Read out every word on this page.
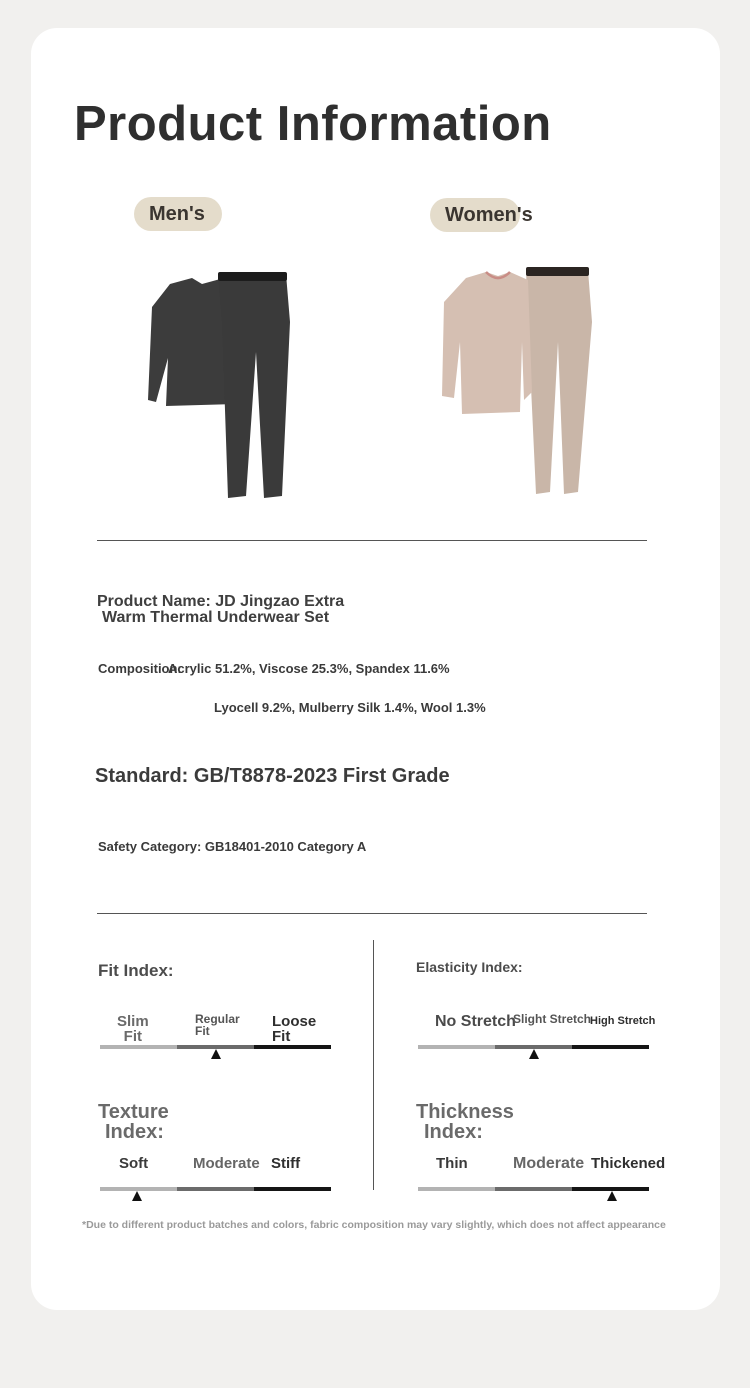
Product Information
Men's	Women's
Product Name: JD Jingzao Extra
Warm Thermal Underwear Set
Composition:
Acrylic 51.2%, Viscose 25.3%, Spandex 11.6%
Lyocell 9.2%, Mulberry Silk 1.4%, Wool 1.3%
Standard: GB/T8878-2023 First Grade
Safety Category: GB18401-2010 Category A
Fit Index:
Slim
Fit
Regular
Fit
Loose
Fit
Elasticity Index:
No Stretch
Slight Stretch
High Stretch
Texture
Index:
Soft	Moderate Stiff
Thickness
Index:
Thin	Moderate Thickened
*Due to different product batches and colors, fabric composition may vary slightly, which does not affect appearance
